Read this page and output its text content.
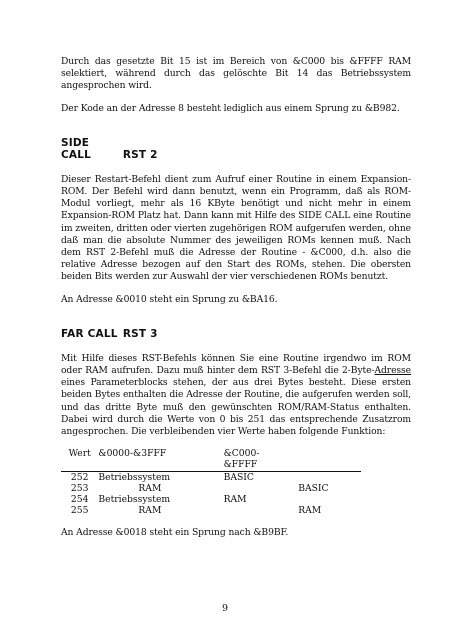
Durch das gesetzte Bit 15 ist im Bereich von &C000 bis &FFFF RAM selektiert, während durch das gelöschte Bit 14 das Betriebssystem angesprochen wird.

Der Kode an der Adresse 8 besteht lediglich aus einem Sprung zu &B982.

SIDE CALL	RST 2

Dieser Restart-Befehl dient zum Aufruf einer Routine in einem Expansion-ROM. Der Befehl wird dann benutzt, wenn ein Programm, daß als ROM-Modul vorliegt, mehr als 16 KByte benötigt und nicht mehr in einem Expansion-ROM Platz hat. Dann kann mit Hilfe des SIDE CALL eine Routine im zweiten, dritten oder vierten zugehörigen ROM aufgerufen werden, ohne daß man die absolute Nummer des jeweiligen ROMs kennen muß. Nach dem RST 2-Befehl muß die Adresse der Routine - &C000, d.h. also die relative Adresse bezogen auf den Start des ROMs, stehen. Die obersten beiden Bits werden zur Auswahl der vier verschiedenen ROMs benutzt.

An Adresse &0010 steht ein Sprung zu &BA16.

FAR CALL RST 3

Mit Hilfe dieses RST-Befehls können Sie eine Routine irgendwo im ROM oder RAM aufrufen. Dazu muß hinter dem RST 3-Befehl die 2-Byte-Adresse eines Parameterblocks stehen, der aus drei Bytes besteht. Diese ersten beiden Bytes enthalten die Adresse der Routine, die aufgerufen werden soll, und das dritte Byte muß den gewünschten ROM/RAM-Status enthalten. Dabei wird durch die Werte von 0 bis 251 das entsprechende Zusatzrom angesprochen. Die verbleibenden vier Werte haben folgende Funktion:

Wert	&0000-&3FFF	&C000-&FFFF	
252	Betriebssystem	BASIC	
253	RAM		BASIC
254	Betriebssystem	RAM	
255	RAM		RAM

An Adresse &0018 steht ein Sprung nach &B9BF.

9
